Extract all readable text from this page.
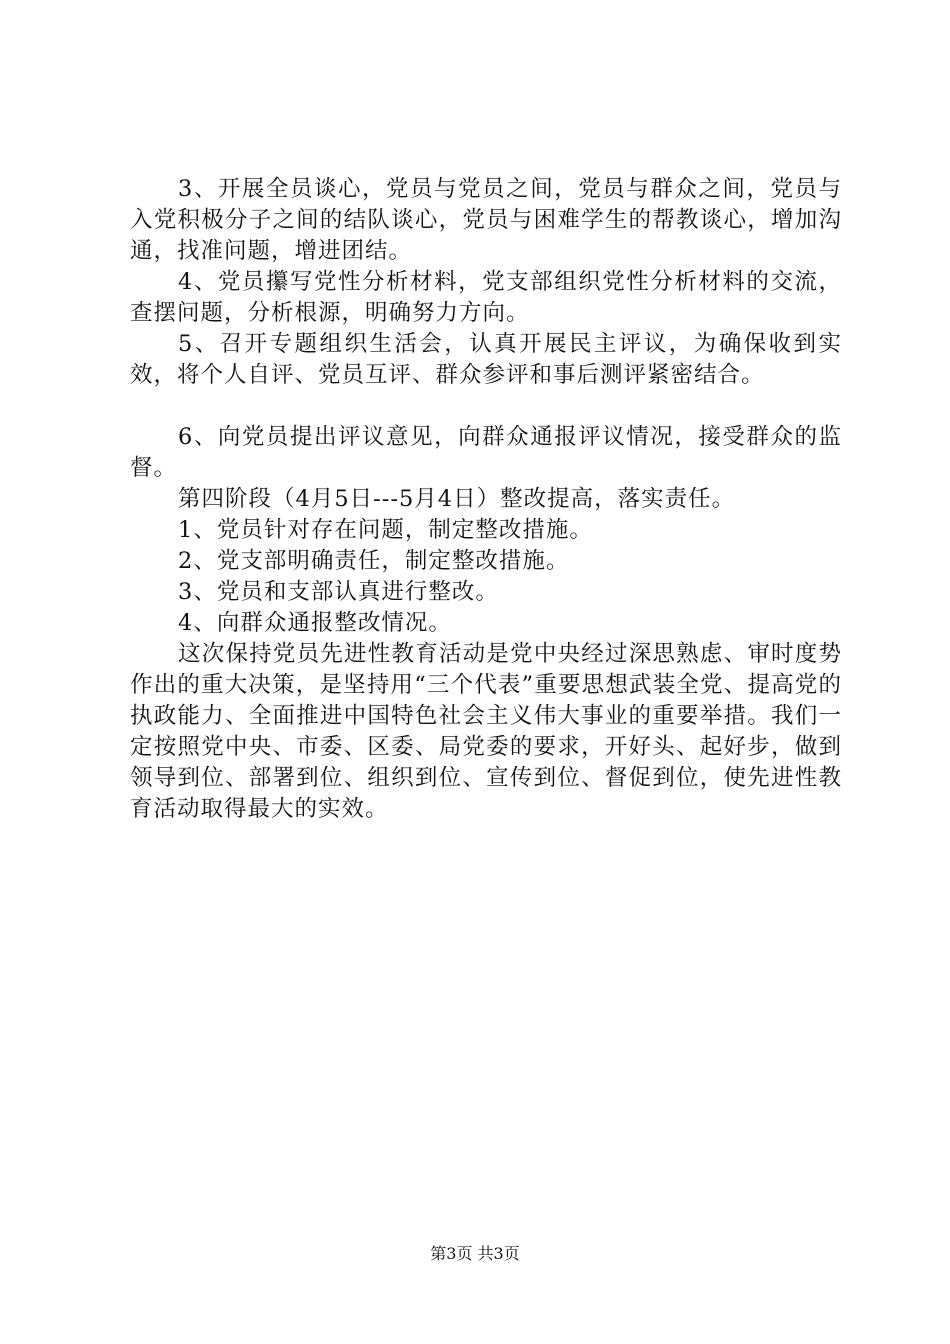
3、开展全员谈心，党员与党员之间，党员与群众之间，党员与入党积极分子之间的结队谈心，党员与困难学生的帮教谈心，增加沟通，找准问题，增进团结。

4、党员攥写党性分析材料，党支部组织党性分析材料的交流，查摆问题，分析根源，明确努力方向。

5、召开专题组织生活会，认真开展民主评议，为确保收到实效，将个人自评、党员互评、群众参评和事后测评紧密结合。

6、向党员提出评议意见，向群众通报评议情况，接受群众的监督。

第四阶段（4月5日---5月4日）整改提高，落实责任。

1、党员针对存在问题，制定整改措施。

2、党支部明确责任，制定整改措施。

3、党员和支部认真进行整改。

4、向群众通报整改情况。

这次保持党员先进性教育活动是党中央经过深思熟虑、审时度势作出的重大决策，是坚持用“三个代表”重要思想武装全党、提高党的执政能力、全面推进中国特色社会主义伟大事业的重要举措。我们一定按照党中央、市委、区委、局党委的要求，开好头、起好步，做到领导到位、部署到位、组织到位、宣传到位、督促到位，使先进性教育活动取得最大的实效。

第3页 共3页
